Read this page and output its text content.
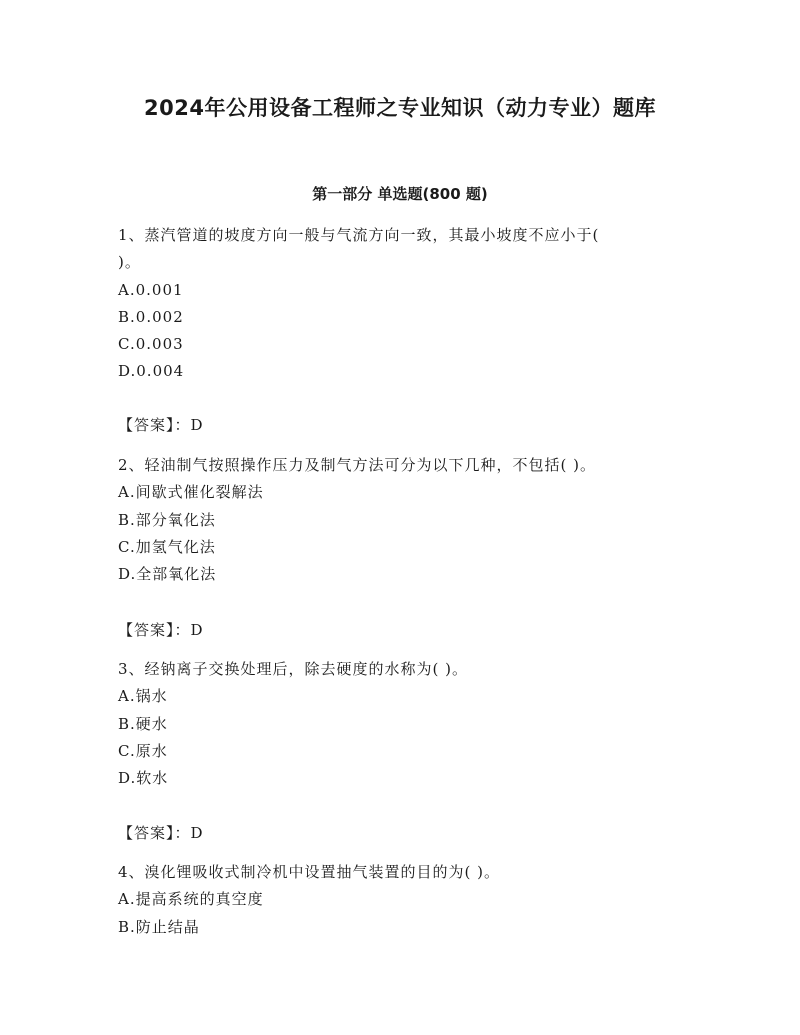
2024年公用设备工程师之专业知识（动力专业）题库
第一部分 单选题(800 题)
1、蒸汽管道的坡度方向一般与气流方向一致，其最小坡度不应小于(
)。
A.0.001
B.0.002
C.0.003
D.0.004
【答案】：D
2、轻油制气按照操作压力及制气方法可分为以下几种，不包括( )。
A.间歇式催化裂解法
B.部分氧化法
C.加氢气化法
D.全部氧化法
【答案】：D
3、经钠离子交换处理后，除去硬度的水称为( )。
A.锅水
B.硬水
C.原水
D.软水
【答案】：D
4、溴化锂吸收式制冷机中设置抽气装置的目的为( )。
A.提高系统的真空度
B.防止结晶
